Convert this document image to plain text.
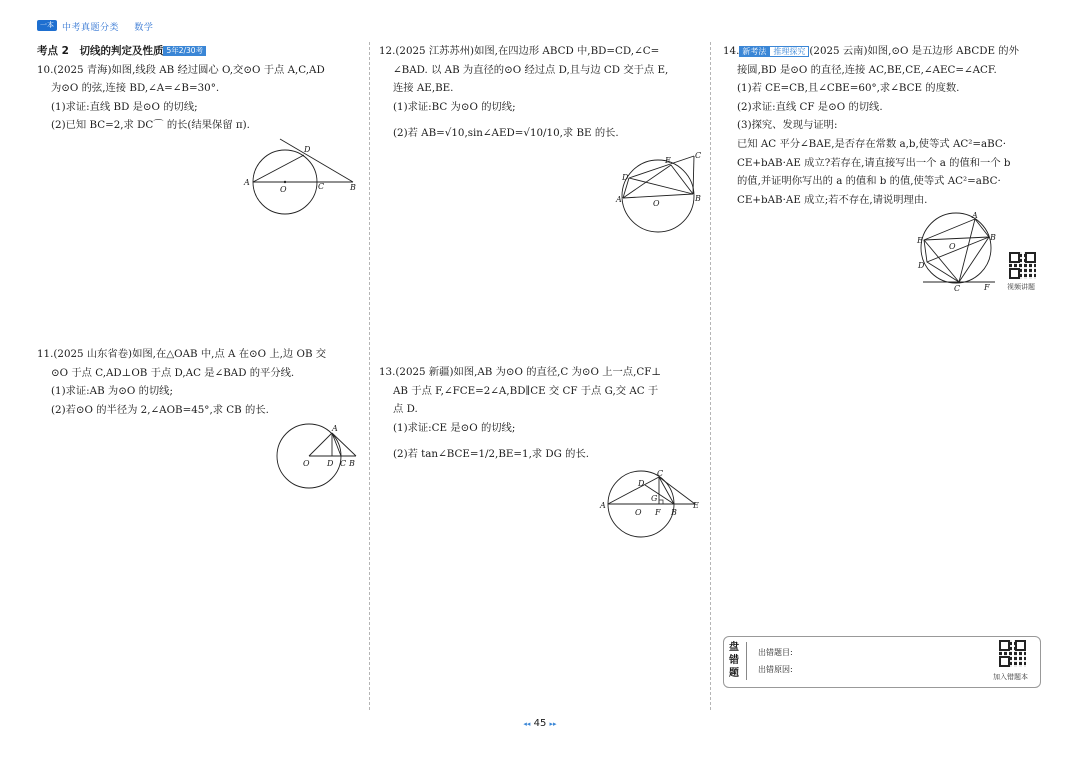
一本 中考真题分类 数学

考点 2　切线的判定及性质 5年2/30考

10.(2025 青海)如图,线段 AB 经过圆心 O,交⊙O 于点 A,C,AD

为⊙O 的弦,连接 BD,∠A=∠B=30°.

(1)求证:直线 BD 是⊙O 的切线;

(2)已知 BC=2,求 DC⌒ 的长(结果保留 π).

A
O	C	B
D

11.(2025 山东省卷)如图,在△OAB 中,点 A 在⊙O 上,边 OB 交

⊙O 于点 C,AD⊥OB 于点 D,AC 是∠BAD 的平分线.

(1)求证:AB 为⊙O 的切线;

(2)若⊙O 的半径为 2,∠AOB=45°,求 CB 的长.

A
O D C B

12.(2025 江苏苏州)如图,在四边形 ABCD 中,BD=CD,∠C=

∠BAD. 以 AB 为直径的⊙O 经过点 D,且与边 CD 交于点 E,

连接 AE,BE.

(1)求证:BC 为⊙O 的切线;

(2)若 AB=√10,sin∠AED=√10/10,求 BE 的长.

A	B
C
D
E
O

13.(2025 新疆)如图,AB 为⊙O 的直径,C 为⊙O 上一点,CF⊥

AB 于点 F,∠FCE=2∠A,BD∥CE 交 CF 于点 G,交 AC 于

点 D.

(1)求证:CE 是⊙O 的切线;

(2)若 tan∠BCE=1/2,BE=1,求 DG 的长.

A
O F B
E
C
G
D

14. 新考法 推理探究 (2025 云南)如图,⊙O 是五边形 ABCDE 的外

接圆,BD 是⊙O 的直径,连接 AC,BE,CE,∠AEC=∠ACF.

(1)若 CE=CB,且∠CBE=60°,求∠BCE 的度数.

(2)求证:直线 CF 是⊙O 的切线.

(3)探究、发现与证明:

已知 AC 平分∠BAE,是否存在常数 a,b,使等式 AC²=aBC·

CE+bAB·AE 成立?若存在,请直接写出一个 a 的值和一个 b

的值,并证明你写出的 a 的值和 b 的值,使等式 AC²=aBC·

CE+bAB·AE 成立;若不存在,请说明理由.

A
B
E
O
D
C	F 视频讲题
盘错题
出错题目:
出错原因:
加入错题本
◂◂ 45 ▸▸
